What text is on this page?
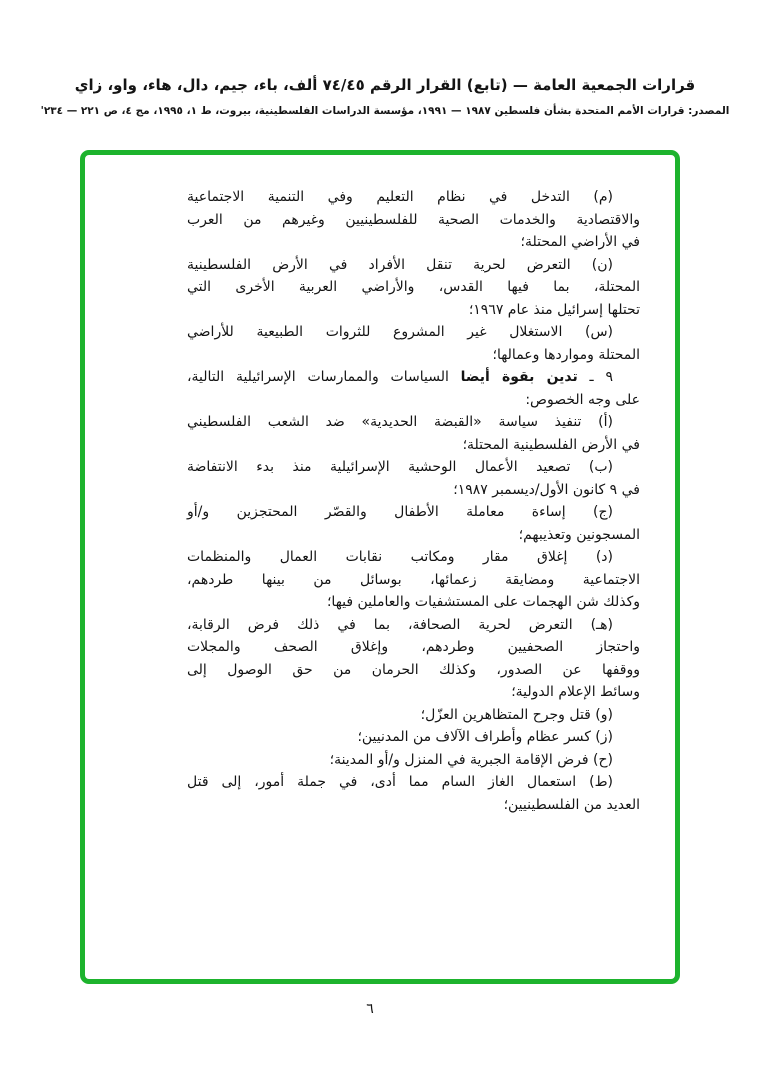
قرارات الجمعية العامة — (تابع) القرار الرقم ٧٤/٤٥ ألف، باء، جيم، دال، هاء، واو، زاي
المصدر: قرارات الأمم المتحدة بشأن فلسطين ١٩٨٧ — ١٩٩١، مؤسسة الدراسات الفلسطينية، بيروت، ط ١، ١٩٩٥، مج ٤، ص ٢٢١ — ٢٣٤'
(م) التدخل في نظام التعليم وفي التنمية الاجتماعية
والاقتصادية والخدمات الصحية للفلسطينيين وغيرهم من العرب
في الأراضي المحتلة؛
(ن) التعرض لحرية تنقل الأفراد في الأرض الفلسطينية
المحتلة، بما فيها القدس، والأراضي العربية الأخرى التي
تحتلها إسرائيل منذ عام ١٩٦٧؛
(س) الاستغلال غير المشروع للثروات الطبيعية للأراضي
المحتلة ومواردها وعمالها؛
٩ ـ تدين بقوة أيضا السياسات والممارسات الإسرائيلية التالية،
على وجه الخصوص:
(أ) تنفيذ سياسة «القبضة الحديدية» ضد الشعب الفلسطيني
في الأرض الفلسطينية المحتلة؛
(ب) تصعيد الأعمال الوحشية الإسرائيلية منذ بدء الانتفاضة
في ٩ كانون الأول/ديسمبر ١٩٨٧؛
(ج) إساءة معاملة الأطفال والقصّر المحتجزين و/أو
المسجونين وتعذيبهم؛
(د) إغلاق مقار ومكاتب نقابات العمال والمنظمات
الاجتماعية ومضايقة زعمائها، بوسائل من بينها طردهم،
وكذلك شن الهجمات على المستشفيات والعاملين فيها؛
(هـ) التعرض لحرية الصحافة، بما في ذلك فرض الرقابة،
واحتجاز الصحفيين وطردهم، وإغلاق الصحف والمجلات
ووقفها عن الصدور، وكذلك الحرمان من حق الوصول إلى
وسائط الإعلام الدولية؛
(و) قتل وجرح المتظاهرين العزّل؛
(ز) كسر عظام وأطراف الآلاف من المدنيين؛
(ح) فرض الإقامة الجبرية في المنزل و/أو المدينة؛
(ط) استعمال الغاز السام مما أدى، في جملة أمور، إلى قتل
العديد من الفلسطينيين؛
٦
